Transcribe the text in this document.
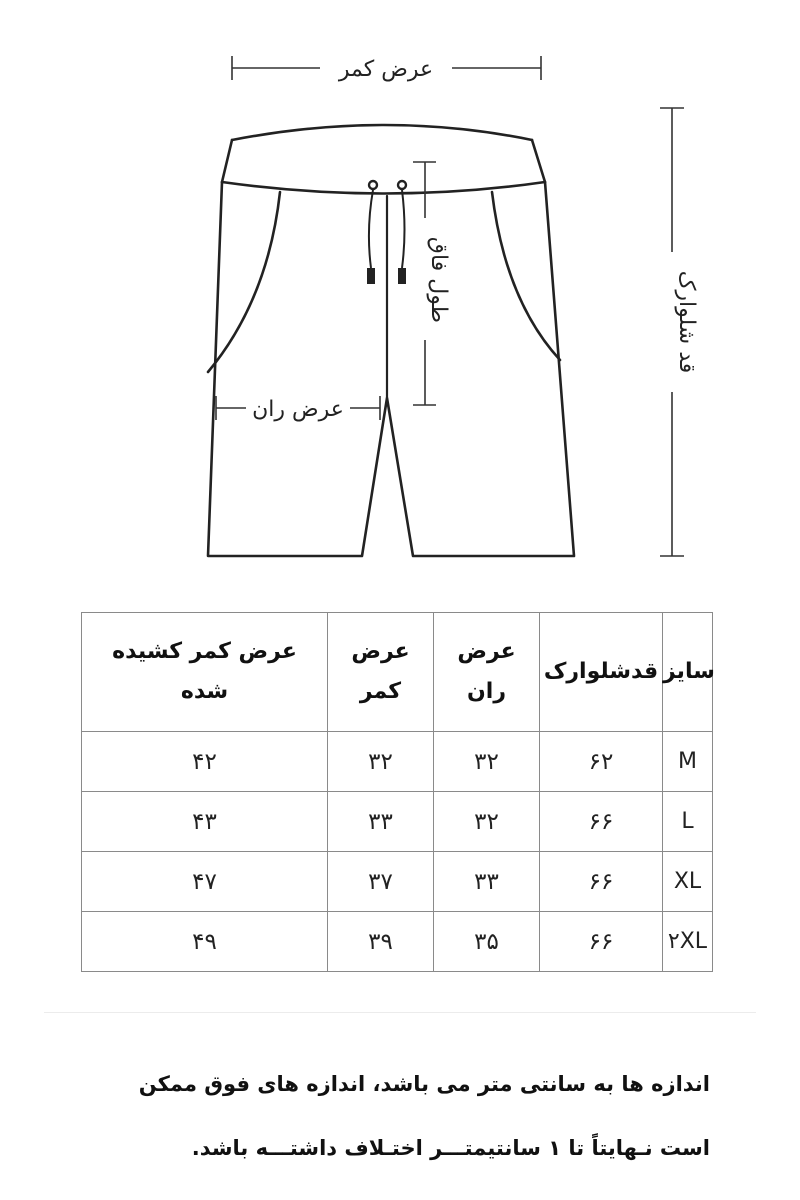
عرض کمر
طول فاق
عرض ران
قد شلوارک
عرض کمر کشیده شده	عرض کمر	عرض ران	قدشلوارک	سایز
۴۲	۳۲	۳۲	۶۲	M
۴۳	۳۳	۳۲	۶۶	L
۴۷	۳۷	۳۳	۶۶	XL
۴۹	۳۹	۳۵	۶۶	۲XL
اندازه ها به سانتی متر می باشد، اندازه های فوق ممکن
است نـهایتاً تا ۱ سانتیمتـــر اختـلاف داشتـــه باشد.
